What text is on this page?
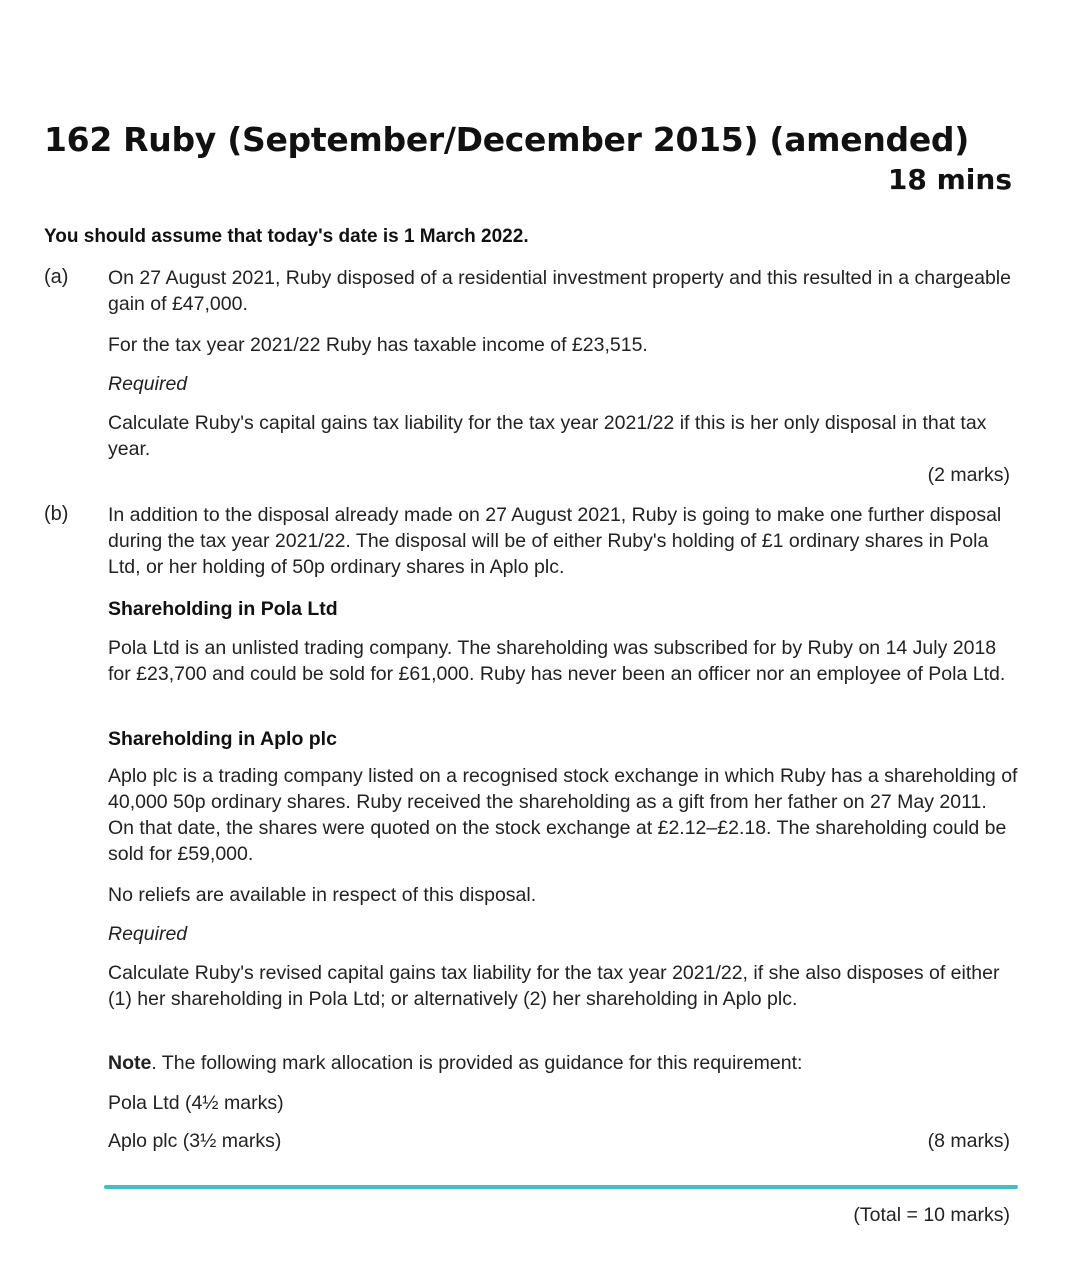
162 Ruby (September/December 2015) (amended)
18 mins
You should assume that today's date is 1 March 2022.
(a) On 27 August 2021, Ruby disposed of a residential investment property and this resulted in a chargeable gain of £47,000.
For the tax year 2021/22 Ruby has taxable income of £23,515.
Required
Calculate Ruby's capital gains tax liability for the tax year 2021/22 if this is her only disposal in that tax year.
(2 marks)
(b) In addition to the disposal already made on 27 August 2021, Ruby is going to make one further disposal during the tax year 2021/22. The disposal will be of either Ruby's holding of £1 ordinary shares in Pola Ltd, or her holding of 50p ordinary shares in Aplo plc.
Shareholding in Pola Ltd
Pola Ltd is an unlisted trading company. The shareholding was subscribed for by Ruby on 14 July 2018 for £23,700 and could be sold for £61,000. Ruby has never been an officer nor an employee of Pola Ltd.
Shareholding in Aplo plc
Aplo plc is a trading company listed on a recognised stock exchange in which Ruby has a shareholding of 40,000 50p ordinary shares. Ruby received the shareholding as a gift from her father on 27 May 2011. On that date, the shares were quoted on the stock exchange at £2.12–£2.18. The shareholding could be sold for £59,000.
No reliefs are available in respect of this disposal.
Required
Calculate Ruby's revised capital gains tax liability for the tax year 2021/22, if she also disposes of either (1) her shareholding in Pola Ltd; or alternatively (2) her shareholding in Aplo plc.
Note. The following mark allocation is provided as guidance for this requirement:
Pola Ltd (4½ marks)
Aplo plc (3½ marks)	(8 marks)
(Total = 10 marks)
